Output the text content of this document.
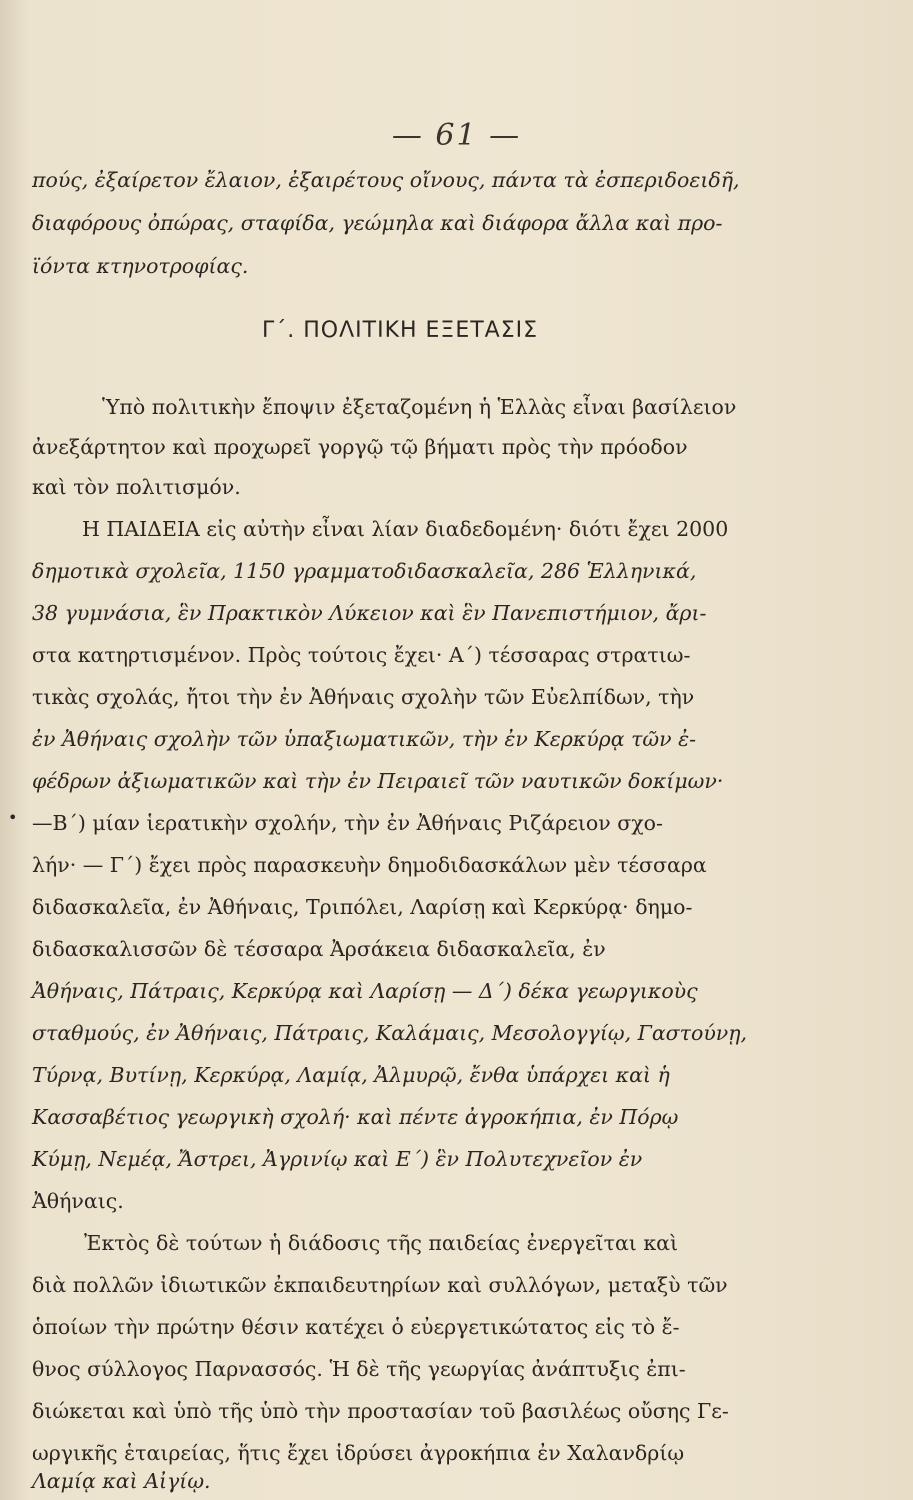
— 61 —
Γ΄. ΠΟΛΙΤΙΚΗ ΕΞΕΤΑΣΙΣ
•
πούς, ἐξαίρετον ἔλαιον, ἐξαιρέτους οἴνους, πάντα τὰ ἐσπεριδοειδῆ,
διαφόρους ὀπώρας, σταφίδα, γεώμηλα καὶ διάφορα ἄλλα καὶ προ-
ϊόντα κτηνοτροφίας.
Ὑπὸ πολιτικὴν ἔποψιν ἐξεταζομένη ἡ Ἑλλὰς εἶναι βασίλειον
ἀνεξάρτητον καὶ προχωρεῖ γοργῷ τῷ βήματι πρὸς τὴν πρόοδον
καὶ τὸν πολιτισμόν.
Η ΠΑΙΔΕΙΑ εἰς αὐτὴν εἶναι λίαν διαδεδομένη· διότι ἔχει 2000
δημοτικὰ σχολεῖα, 1150 γραμματοδιδασκαλεῖα, 286 Ἑλληνικά,
38 γυμνάσια, ἓν Πρακτικὸν Λύκειον καὶ ἓν Πανεπιστήμιον, ἄρι-
στα κατηρτισμένον. Πρὸς τούτοις ἔχει· Α΄) τέσσαρας στρατιω-
τικὰς σχολάς, ἤτοι τὴν ἐν Ἀθήναις σχολὴν τῶν Εὐελπίδων, τὴν
ἐν Ἀθήναις σχολὴν τῶν ὑπαξιωματικῶν, τὴν ἐν Κερκύρᾳ τῶν ἐ-
φέδρων ἀξιωματικῶν καὶ τὴν ἐν Πειραιεῖ τῶν ναυτικῶν δοκίμων·
—Β΄) μίαν ἱερατικὴν σχολήν, τὴν ἐν Ἀθήναις Ριζάρειον σχο-
λήν· — Γ΄) ἔχει πρὸς παρασκευὴν δημοδιδασκάλων μὲν τέσσαρα
διδασκαλεῖα, ἐν Ἀθήναις, Τριπόλει, Λαρίσῃ καὶ Κερκύρᾳ· δημο-
διδασκαλισσῶν δὲ τέσσαρα Ἀρσάκεια διδασκαλεῖα, ἐν
Ἀθήναις, Πάτραις, Κερκύρᾳ καὶ Λαρίσῃ — Δ΄) δέκα γεωργικοὺς
σταθμούς, ἐν Ἀθήναις, Πάτραις, Καλάμαις, Μεσολογγίῳ, Γαστούνῃ,
Τύρνᾳ, Βυτίνῃ, Κερκύρᾳ, Λαμίᾳ, Ἀλμυρῷ, ἔνθα ὑπάρχει καὶ ἡ
Κασσαβέτιος γεωργικὴ σχολή· καὶ πέντε ἀγροκήπια, ἐν Πόρῳ
Κύμῃ, Νεμέᾳ, Ἄστρει, Ἀγρινίῳ καὶ Ε΄) ἓν Πολυτεχνεῖον ἐν
Ἀθήναις.
Ἐκτὸς δὲ τούτων ἡ διάδοσις τῆς παιδείας ἐνεργεῖται καὶ
διὰ πολλῶν ἰδιωτικῶν ἐκπαιδευτηρίων καὶ συλλόγων, μεταξὺ τῶν
ὁποίων τὴν πρώτην θέσιν κατέχει ὁ εὐεργετικώτατος εἰς τὸ ἔ-
θνος σύλλογος Παρνασσός. Ἡ δὲ τῆς γεωργίας ἀνάπτυξις ἐπι-
διώκεται καὶ ὑπὸ τῆς ὑπὸ τὴν προστασίαν τοῦ βασιλέως οὔσης Γε-
ωργικῆς ἑταιρείας, ἥτις ἔχει ἱδρύσει ἀγροκήπια ἐν Χαλανδρίῳ
Λαμίᾳ καὶ Αἰγίῳ.
